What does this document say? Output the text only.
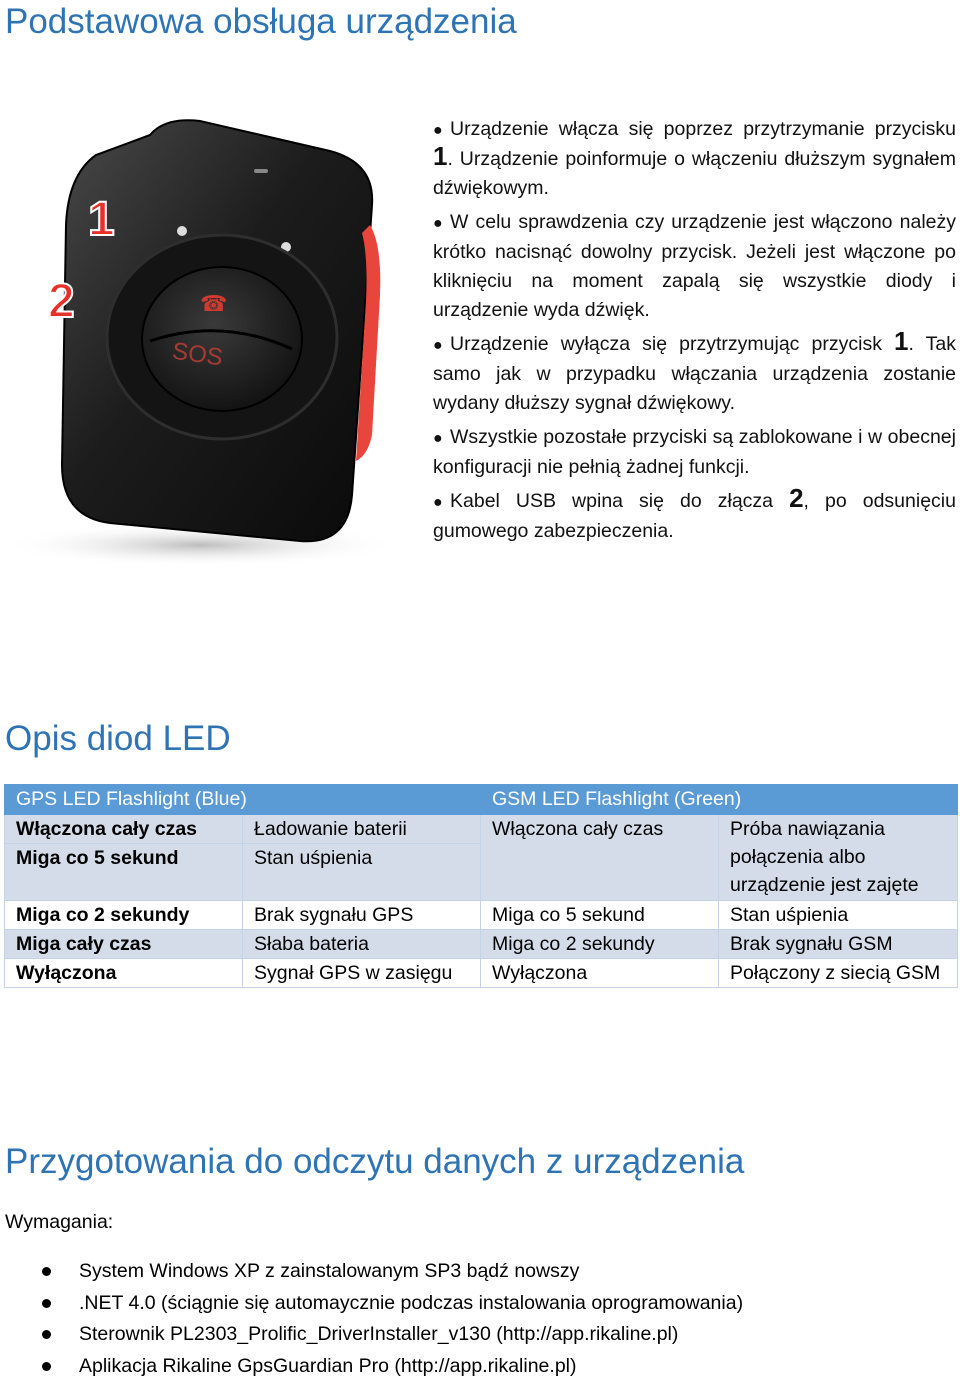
Podstawowa obsługa urządzenia
☎
SOS
1
2
● Urządzenie włącza się poprzez przytrzymanie przycisku 1. Urządzenie poinformuje o włączeniu dłuższym sygnałem dźwiękowym.
● W celu sprawdzenia czy urządzenie jest włączono należy krótko nacisnąć dowolny przycisk. Jeżeli jest włączone po kliknięciu na moment zapalą się wszystkie diody i urządzenie wyda dźwięk.
● Urządzenie wyłącza się przytrzymując przycisk 1. Tak samo jak w przypadku włączania urządzenia zostanie wydany dłuższy sygnał dźwiękowy.
● Wszystkie pozostałe przyciski są zablokowane i w obecnej konfiguracji nie pełnią żadnej funkcji.
● Kabel USB wpina się do złącza 2, po odsunięciu gumowego zabezpieczenia.
Opis diod LED
GPS LED Flashlight (Blue)		GSM LED Flashlight (Green)	
Włączona cały czas	Ładowanie baterii	Włączona cały czas	Próba nawiązania połączenia albo urządzenie jest zajęte
Miga co 5 sekund	Stan uśpienia		
Miga co 2 sekundy	Brak sygnału GPS	Miga co 5 sekund	Stan uśpienia
Miga cały czas	Słaba bateria	Miga co 2 sekundy	Brak sygnału GSM
Wyłączona	Sygnał GPS w zasięgu	Wyłączona	Połączony z siecią GSM
Przygotowania do odczytu danych z urządzenia
Wymagania:
System Windows XP z zainstalowanym SP3 bądź nowszy
.NET 4.0 (ściągnie się automaycznie podczas instalowania oprogramowania)
Sterownik PL2303_Prolific_DriverInstaller_v130 (http://app.rikaline.pl)
Aplikacja Rikaline GpsGuardian Pro (http://app.rikaline.pl)
